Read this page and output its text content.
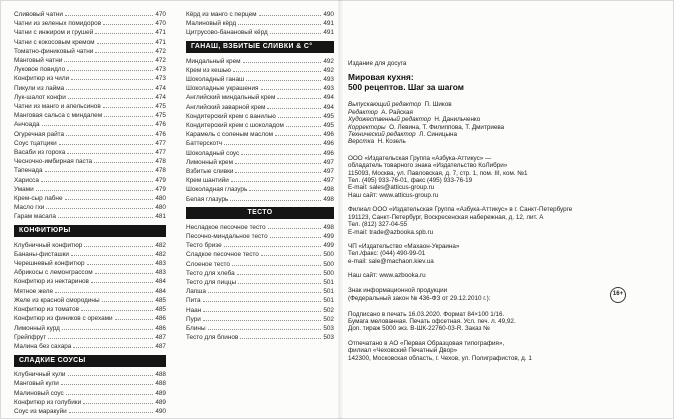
Сливовый чатни	470
Чатни из зеленых помидоров	470
Чатни с инжиром и грушей	471
Чатни с кокосовым кремом	471
Томатно-финиковый чатни	472
Манговый чатни	472
Луковое повидло	473
Конфитюр из чили	473
Пикули из лайма	474
Лук-шалот конфи	474
Чатни из манго и апельсинов	475
Манговая сальса с миндалем	475
Анчоада	476
Огуречная райта	476
Соус тцатцики	477
Васаби из гороха	477
Чесночно-имбирная паста	478
Тапенада	478
Харисса	479
Умами	479
Крем-сыр лабне	480
Масло гхи	480
Гарам масала	481
КОНФИТЮРЫ
Клубничный конфитюр	482
Бананы-фисташки	482
Черешневый конфитюр	483
Абрикосы с лемонграссом	483
Конфитюр из нектаринов	484
Мятное желе	484
Желе из красной смородины	485
Конфитюр из томатов	485
Конфитюр из фиников с орехами	486
Лимонный курд	486
Грейпфрут	487
Малина без сахара	487
СЛАДКИЕ СОУСЫ
Клубничный кули	488
Манговый кули	488
Малиновый соус	489
Конфитюр из голубики	489
Соус из маракуйи	490
Кёрд из манго с перцем	490
Малиновый кёрд	491
Цитрусово-банановый кёрд	491
ГАНАШ, ВЗБИТЫЕ СЛИВКИ & С°
Миндальный крем	492
Крем из кешью	492
Шоколадный ганаш	493
Шоколадные украшения	493
Английский миндальный крем	494
Английский заварной крем	494
Кондитерский крем с ванилью	495
Кондитерский крем с шоколадом	495
Карамель с соленым маслом	496
Баттерскотч	496
Шоколадный соус	496
Лимонный крем	497
Взбитые сливки	497
Крем шантийи	497
Шоколадная глазурь	498
Белая глазурь	498
ТЕСТО
Несладкое песочное тесто	498
Песочно-миндальное тесто	499
Тесто бризе	499
Сладкое песочное тесто	500
Слоеное тесто	500
Тесто для хлеба	500
Тесто для пиццы	501
Лапша	501
Пита	501
Наан	502
Пури	502
Блины	503
Тесто для блинов	503
Издание для досуга
Мировая кухня:
500 рецептов. Шаг за шагом
Выпускающий редактор  П. Шиков
Редактор  А. Райская
Художественный редактор  Н. Данильченко
Корректоры  О. Левина, Т. Филиппова, Т. Дмитриева
Технический редактор  Л. Синицына
Верстка  Н. Козель
ООО «Издательская Группа «Азбука-Аттикус» —
обладатель товарного знака «Издательство КоЛибри»
115093, Москва, ул. Павловская, д. 7, стр. 1, пом. III, ком. №1
Тел. (495) 933-76-01, факс (495) 933-76-19
E-mail: sales@atticus-group.ru
Наш сайт: www.atticus-group.ru
Филиал ООО «Издательская Группа «Азбука-Аттикус» в г. Санкт-Петербурге
191123, Санкт-Петербург, Воскресенская набережная, д. 12, лит. А
Тел. (812) 327-04-55
E-mail: trade@azbooka.spb.ru
ЧП «Издательство «Махаон-Украина»
Тел./факс: (044) 490-99-01
e-mail: sale@machaon.kiev.ua
Наш сайт: www.azbooka.ru
Знак информационной продукции
(Федеральный закон № 436-ФЗ от 29.12.2010 г.):
16+
Подписано в печать 16.03.2020. Формат 84×100 1/16.
Бумага мелованная. Печать офсетная. Усл. печ. л. 49,92.
Доп. тираж 5000 экз. В-ШК-22760-03-R. Заказ №
Отпечатано в АО «Первая Образцовая типография»,
филиал «Чеховский Печатный Двор»
142300, Московская область, г. Чехов, ул. Полиграфистов, д. 1
